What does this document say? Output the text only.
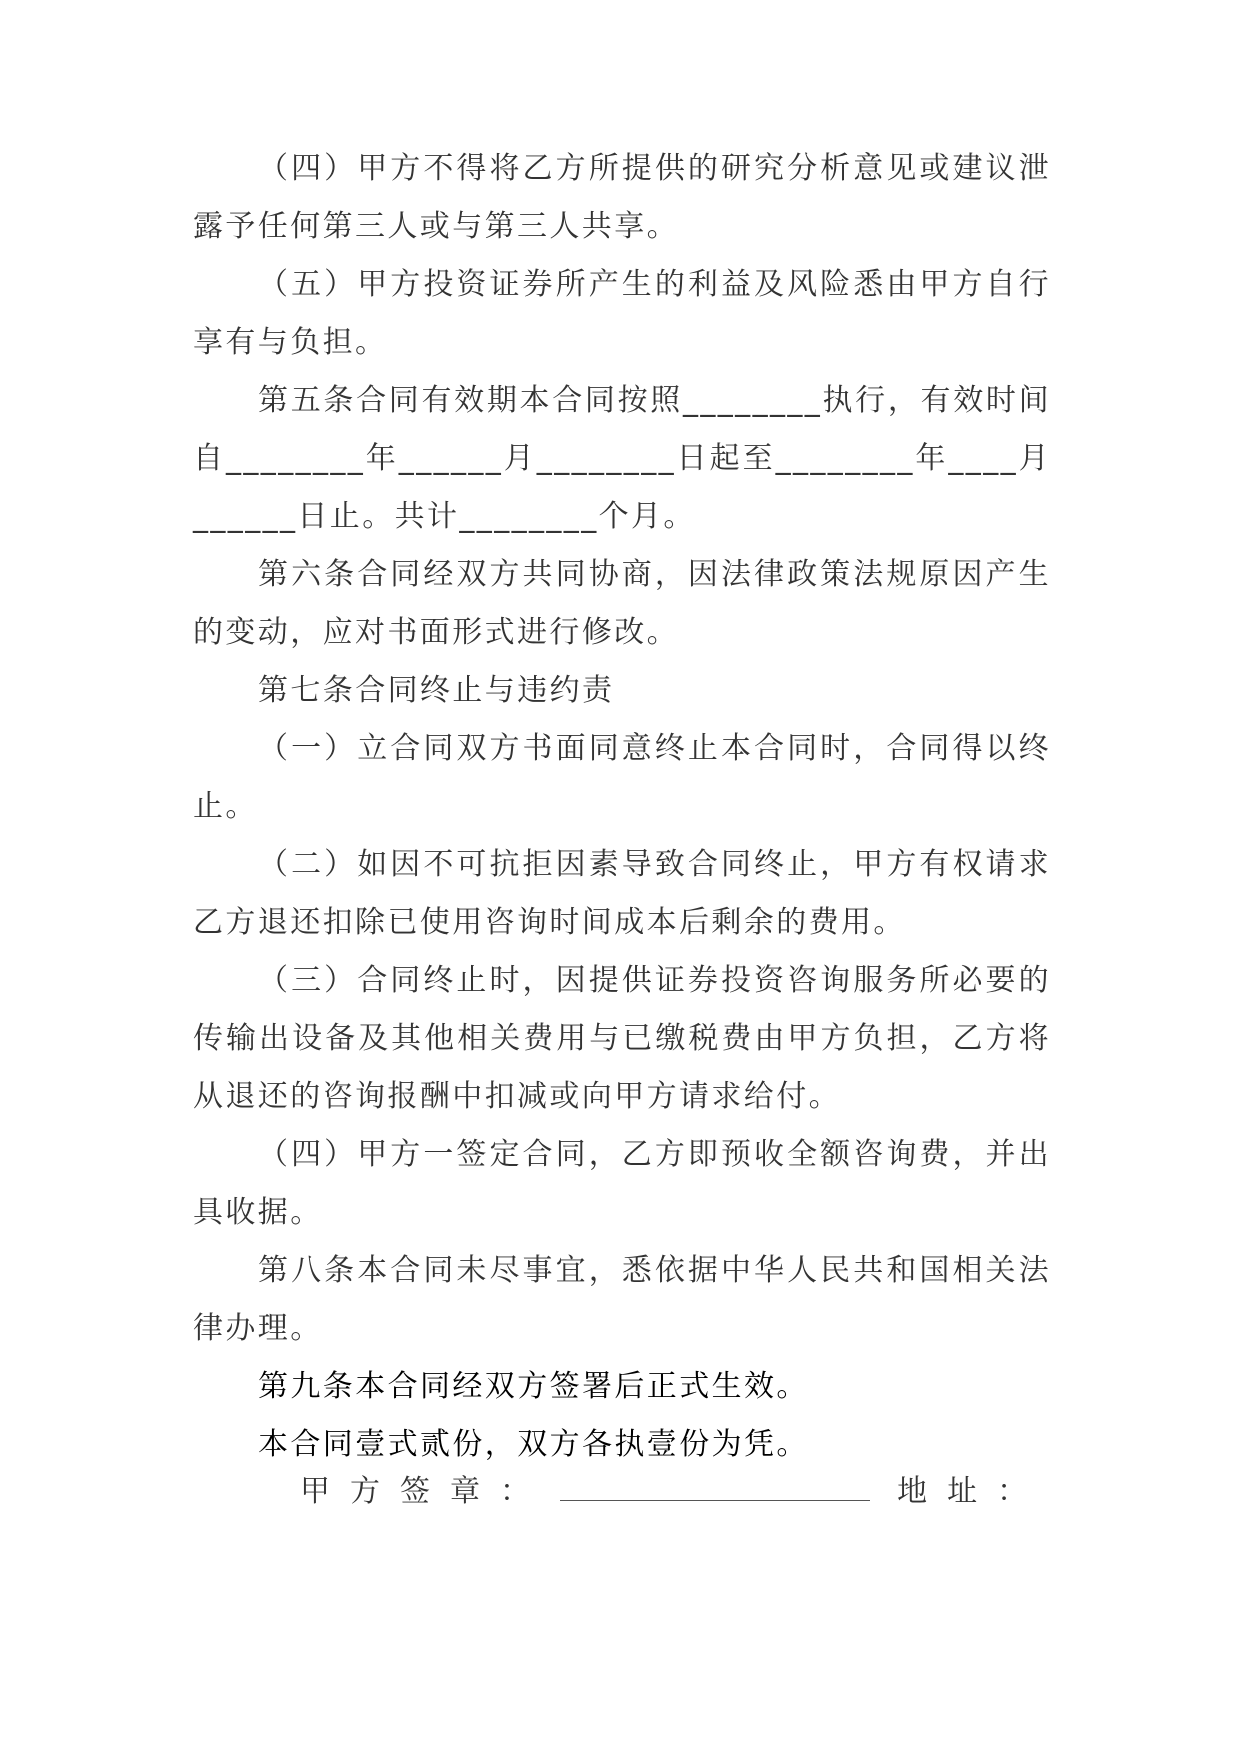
（四）甲方不得将乙方所提供的研究分析意见或建议泄露予任何第三人或与第三人共享。

（五）甲方投资证券所产生的利益及风险悉由甲方自行享有与负担。

第五条合同有效期本合同按照________执行，有效时间自________年______月________日起至________年____月______日止。共计________个月。

第六条合同经双方共同协商，因法律政策法规原因产生的变动，应对书面形式进行修改。

第七条合同终止与违约责

（一）立合同双方书面同意终止本合同时，合同得以终止。

（二）如因不可抗拒因素导致合同终止，甲方有权请求乙方退还扣除已使用咨询时间成本后剩余的费用。

（三）合同终止时，因提供证券投资咨询服务所必要的传输出设备及其他相关费用与已缴税费由甲方负担，乙方将从退还的咨询报酬中扣减或向甲方请求给付。

（四）甲方一签定合同，乙方即预收全额咨询费，并出具收据。

第八条本合同未尽事宜，悉依据中华人民共和国相关法律办理。

甲方签章：	地址：

第九条本合同经双方签署后正式生效。

本合同壹式贰份，双方各执壹份为凭。
